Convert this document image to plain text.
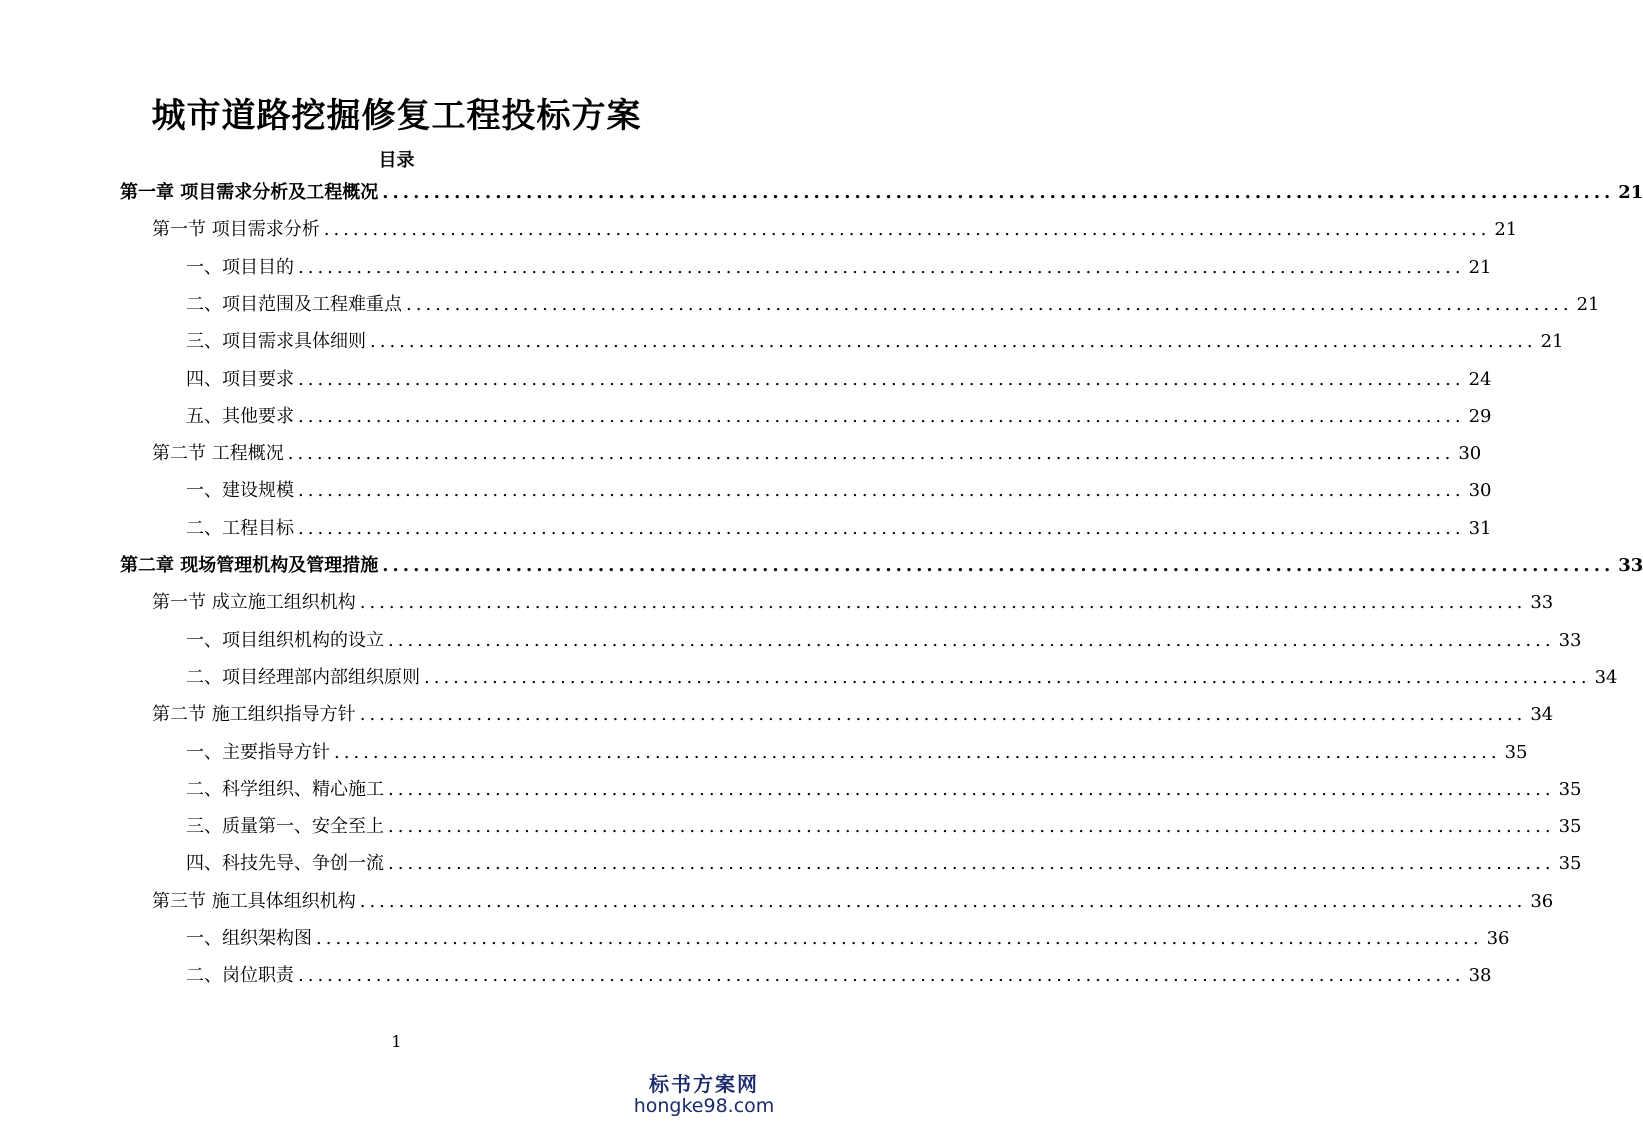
城市道路挖掘修复工程投标方案
目录
第一章 项目需求分析及工程概况 ........................................................................................................................ 21
第一节 项目需求分析 ........................................................................................................................ 21
一、项目目的 ........................................................................................................................ 21
二、项目范围及工程难重点 ........................................................................................................................ 21
三、项目需求具体细则 ........................................................................................................................ 21
四、项目要求 ........................................................................................................................ 24
五、其他要求 ........................................................................................................................ 29
第二节 工程概况 ........................................................................................................................ 30
一、建设规模 ........................................................................................................................ 30
二、工程目标 ........................................................................................................................ 31
第二章 现场管理机构及管理措施 ........................................................................................................................ 33
第一节 成立施工组织机构 ........................................................................................................................ 33
一、项目组织机构的设立 ........................................................................................................................ 33
二、项目经理部内部组织原则 ........................................................................................................................ 34
第二节 施工组织指导方针 ........................................................................................................................ 34
一、主要指导方针 ........................................................................................................................ 35
二、科学组织、精心施工 ........................................................................................................................ 35
三、质量第一、安全至上 ........................................................................................................................ 35
四、科技先导、争创一流 ........................................................................................................................ 35
第三节 施工具体组织机构 ........................................................................................................................ 36
一、组织架构图 ........................................................................................................................ 36
二、岗位职责 ........................................................................................................................ 38
1
标书方案网
hongke98.com
